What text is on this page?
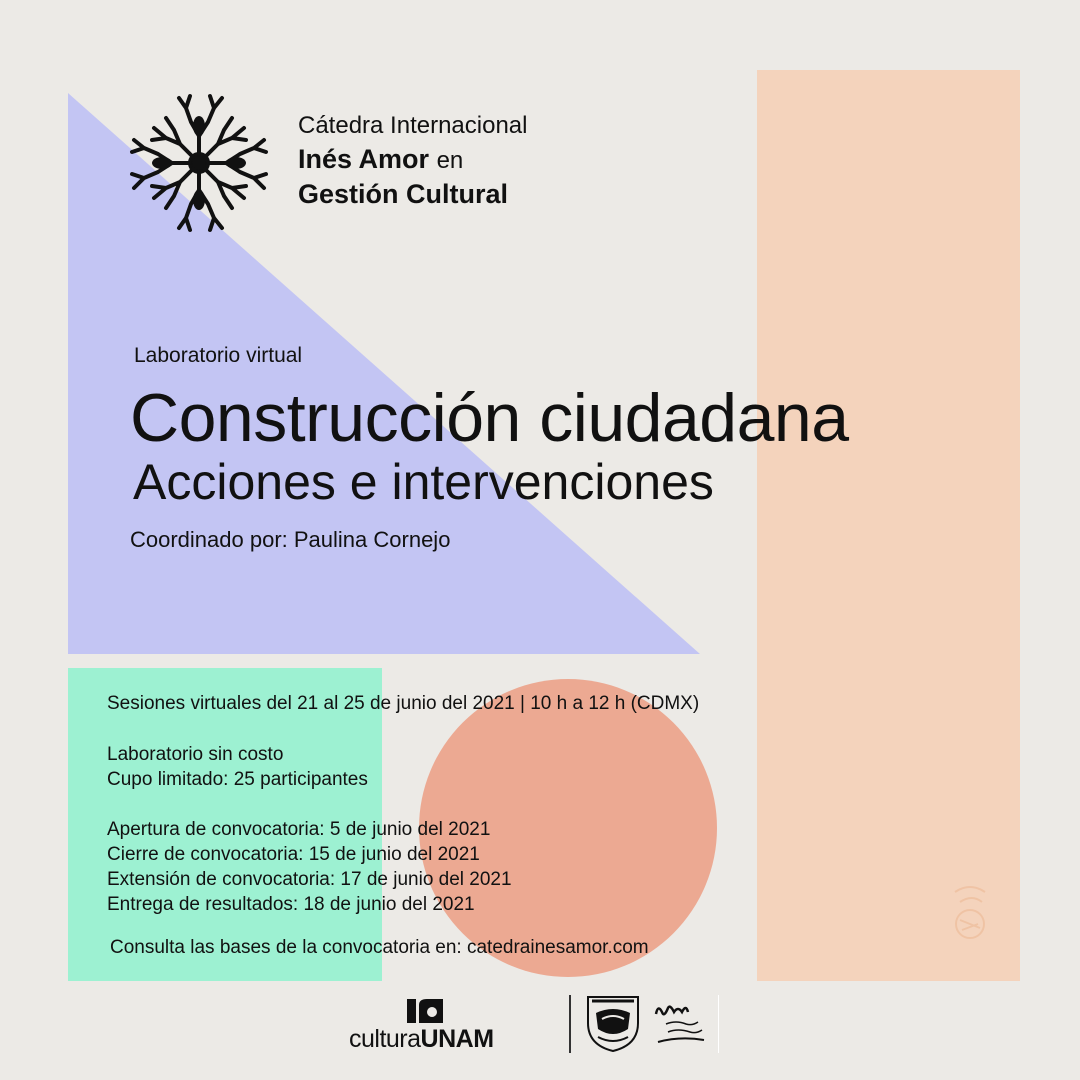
Cátedra Internacional
Inés Amor en
Gestión Cultural
Laboratorio virtual
Construcción ciudadana
Acciones e intervenciones
Coordinado por: Paulina Cornejo
Sesiones virtuales del 21 al 25 de junio del 2021 | 10 h a 12 h (CDMX)
Laboratorio sin costo
Cupo limitado: 25 participantes
Apertura de convocatoria: 5 de junio del 2021
Cierre de convocatoria: 15 de junio del 2021
Extensión de convocatoria: 17 de junio del 2021
Entrega de resultados: 18 de junio del 2021
Consulta las bases de la convocatoria en: catedrainesamor.com
culturaUNAM
